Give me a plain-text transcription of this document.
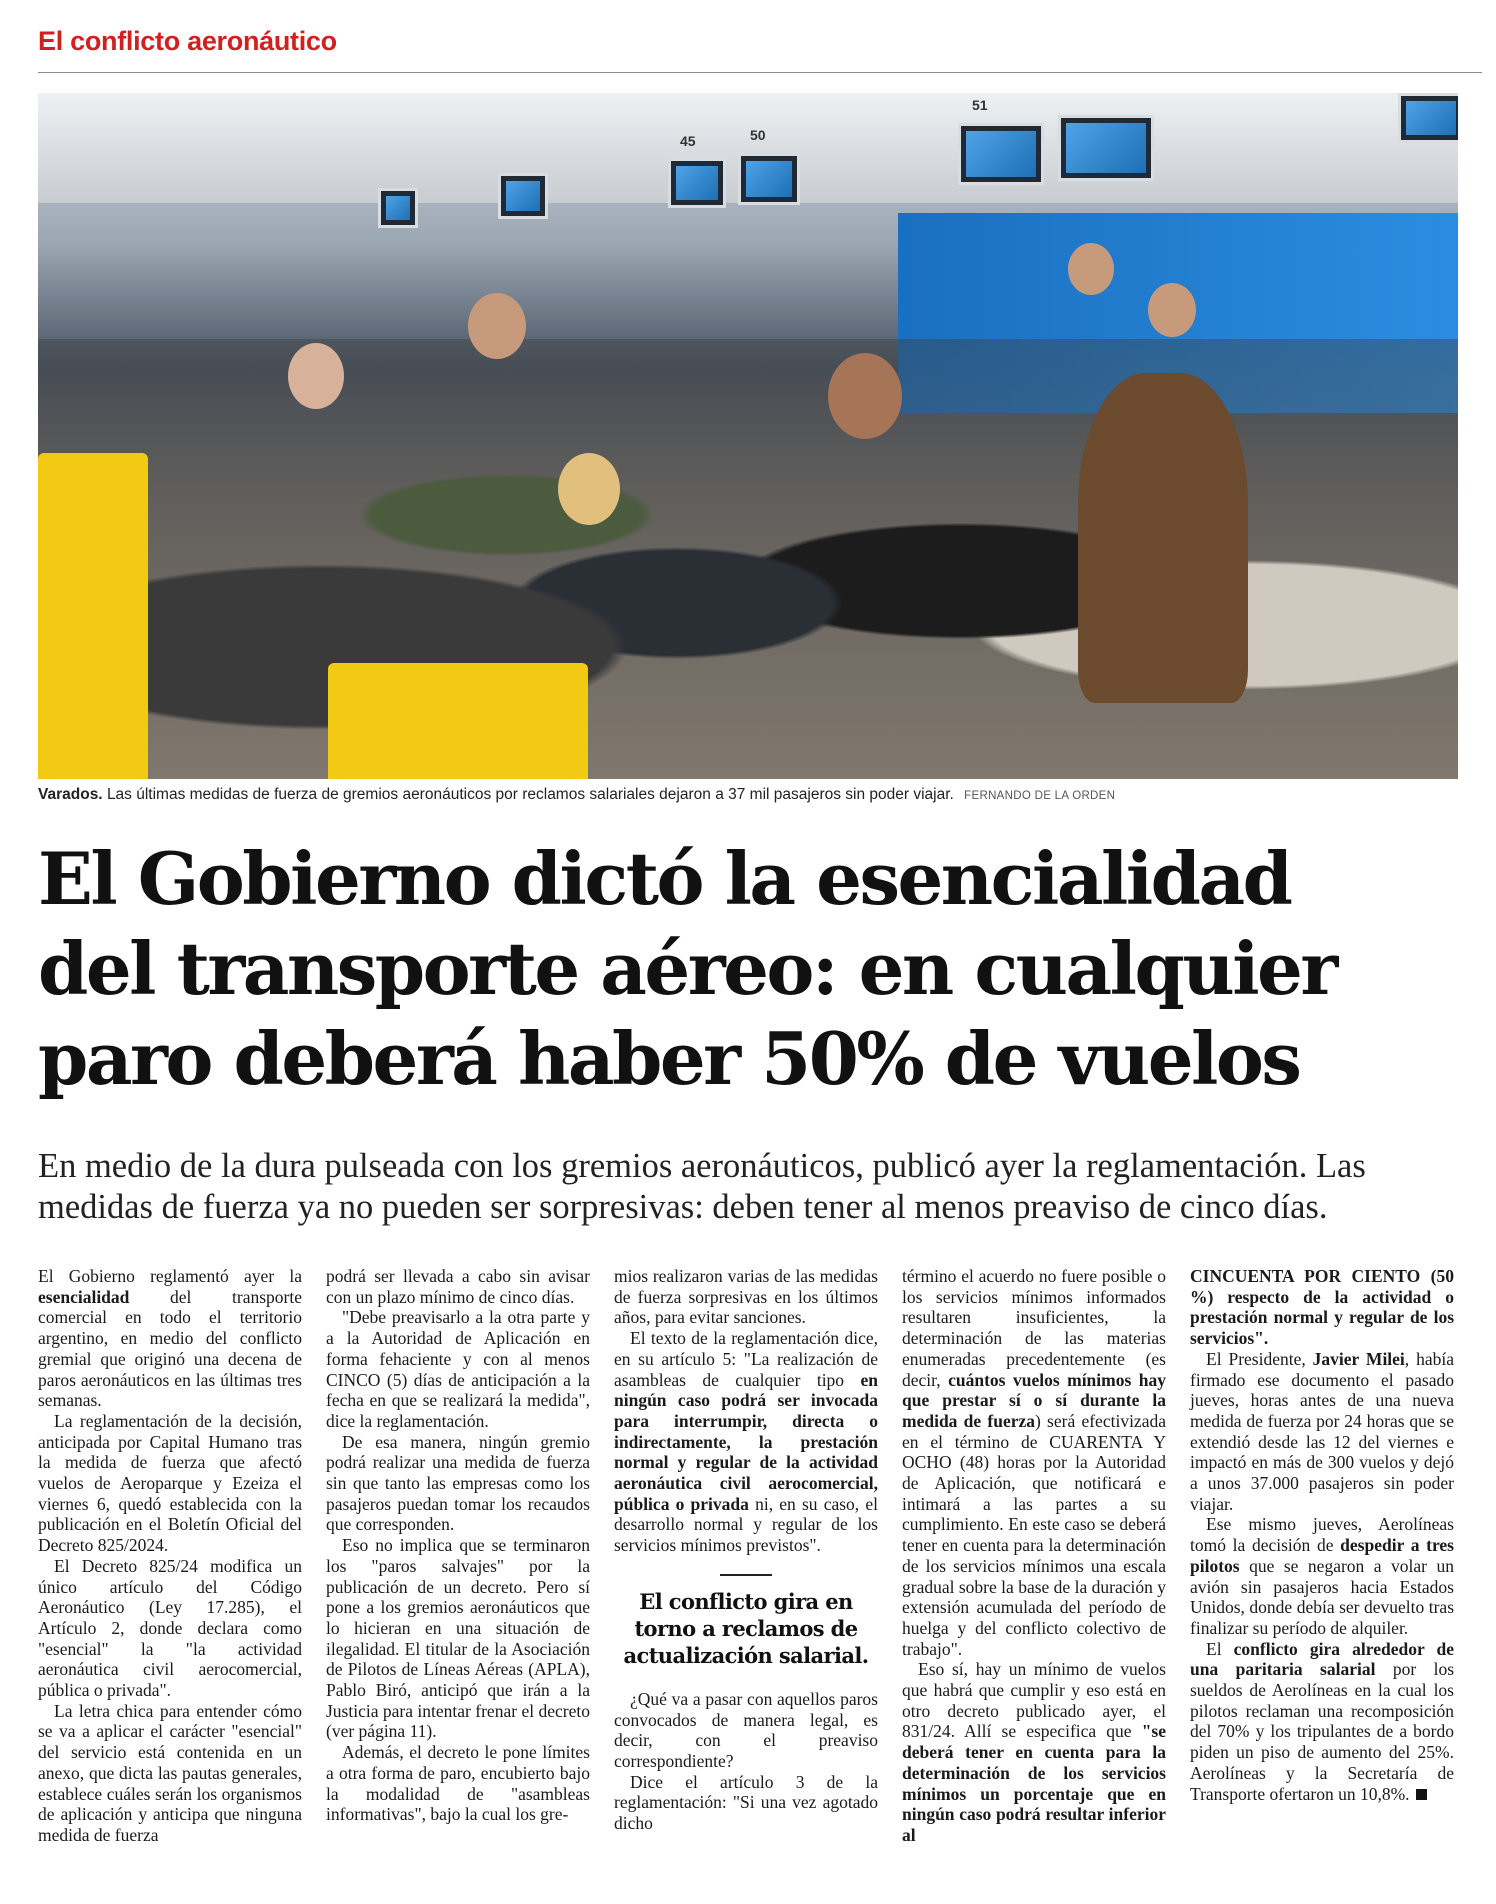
El conflicto aeronáutico
45	50
51
Varados. Las últimas medidas de fuerza de gremios aeronáuticos por reclamos salariales dejaron a 37 mil pasajeros sin poder viajar. FERNANDO DE LA ORDEN
El Gobierno dictó la esencialidad
del transporte aéreo: en cualquier
paro deberá haber 50% de vuelos
En medio de la dura pulseada con los gremios aeronáuticos, publicó ayer la reglamentación. Las
medidas de fuerza ya no pueden ser sorpresivas: deben tener al menos preaviso de cinco días.

El Gobierno reglamentó ayer la esencialidad del transporte comercial en todo el territorio argentino, en medio del conflicto gremial que originó una decena de paros aeronáuticos en las últimas tres semanas.

La reglamentación de la decisión, anticipada por Capital Humano tras la medida de fuerza que afectó vuelos de Aeroparque y Ezeiza el viernes 6, quedó establecida con la publicación en el Boletín Oficial del Decreto 825/2024.

El Decreto 825/24 modifica un único artículo del Código Aeronáutico (Ley 17.285), el Artículo 2, donde declara como "esencial" la "la actividad aeronáutica civil aerocomercial, pública o privada".

La letra chica para entender cómo se va a aplicar el carácter "esencial" del servicio está contenida en un anexo, que dicta las pautas generales, establece cuáles serán los organismos de aplicación y anticipa que ninguna medida de fuerza

podrá ser llevada a cabo sin avisar con un plazo mínimo de cinco días.

"Debe preavisarlo a la otra parte y a la Autoridad de Aplicación en forma fehaciente y con al menos CINCO (5) días de anticipación a la fecha en que se realizará la medida", dice la reglamentación.

De esa manera, ningún gremio podrá realizar una medida de fuerza sin que tanto las empresas como los pasajeros puedan tomar los recaudos que corresponden.

Eso no implica que se terminaron los "paros salvajes" por la publicación de un decreto. Pero sí pone a los gremios aeronáuticos que lo hicieran en una situación de ilegalidad. El titular de la Asociación de Pilotos de Líneas Aéreas (APLA), Pablo Biró, anticipó que irán a la Justicia para intentar frenar el decreto (ver página 11).

Además, el decreto le pone límites a otra forma de paro, encubierto bajo la modalidad de "asambleas informativas", bajo la cual los gre-

mios realizaron varias de las medidas de fuerza sorpresivas en los últimos años, para evitar sanciones.

El texto de la reglamentación dice, en su artículo 5: "La realización de asambleas de cualquier tipo en ningún caso podrá ser invocada para interrumpir, directa o indirectamente, la prestación normal y regular de la actividad aeronáutica civil aerocomercial, pública o privada ni, en su caso, el desarrollo normal y regular de los servicios mínimos previstos".

El conflicto gira en torno a reclamos de actualización salarial.

¿Qué va a pasar con aquellos paros convocados de manera legal, es decir, con el preaviso correspondiente?

Dice el artículo 3 de la reglamentación: "Si una vez agotado dicho

término el acuerdo no fuere posible o los servicios mínimos informados resultaren insuficientes, la determinación de las materias enumeradas precedentemente (es decir, cuántos vuelos mínimos hay que prestar sí o sí durante la medida de fuerza) será efectivizada en el término de CUARENTA Y OCHO (48) horas por la Autoridad de Aplicación, que notificará e intimará a las partes a su cumplimiento. En este caso se deberá tener en cuenta para la determinación de los servicios mínimos una escala gradual sobre la base de la duración y extensión acumulada del período de huelga y del conflicto colectivo de trabajo".

Eso sí, hay un mínimo de vuelos que habrá que cumplir y eso está en otro decreto publicado ayer, el 831/24. Allí se especifica que "se deberá tener en cuenta para la determinación de los servicios mínimos un porcentaje que en ningún caso podrá resultar inferior al

CINCUENTA POR CIENTO (50 %) respecto de la actividad o prestación normal y regular de los servicios".

El Presidente, Javier Milei, había firmado ese documento el pasado jueves, horas antes de una nueva medida de fuerza por 24 horas que se extendió desde las 12 del viernes e impactó en más de 300 vuelos y dejó a unos 37.000 pasajeros sin poder viajar.

Ese mismo jueves, Aerolíneas tomó la decisión de despedir a tres pilotos que se negaron a volar un avión sin pasajeros hacia Estados Unidos, donde debía ser devuelto tras finalizar su período de alquiler.

El conflicto gira alrededor de una paritaria salarial por los sueldos de Aerolíneas en la cual los pilotos reclaman una recomposición del 70% y los tripulantes de a bordo piden un piso de aumento del 25%. Aerolíneas y la Secretaría de Transporte ofertaron un 10,8%.
